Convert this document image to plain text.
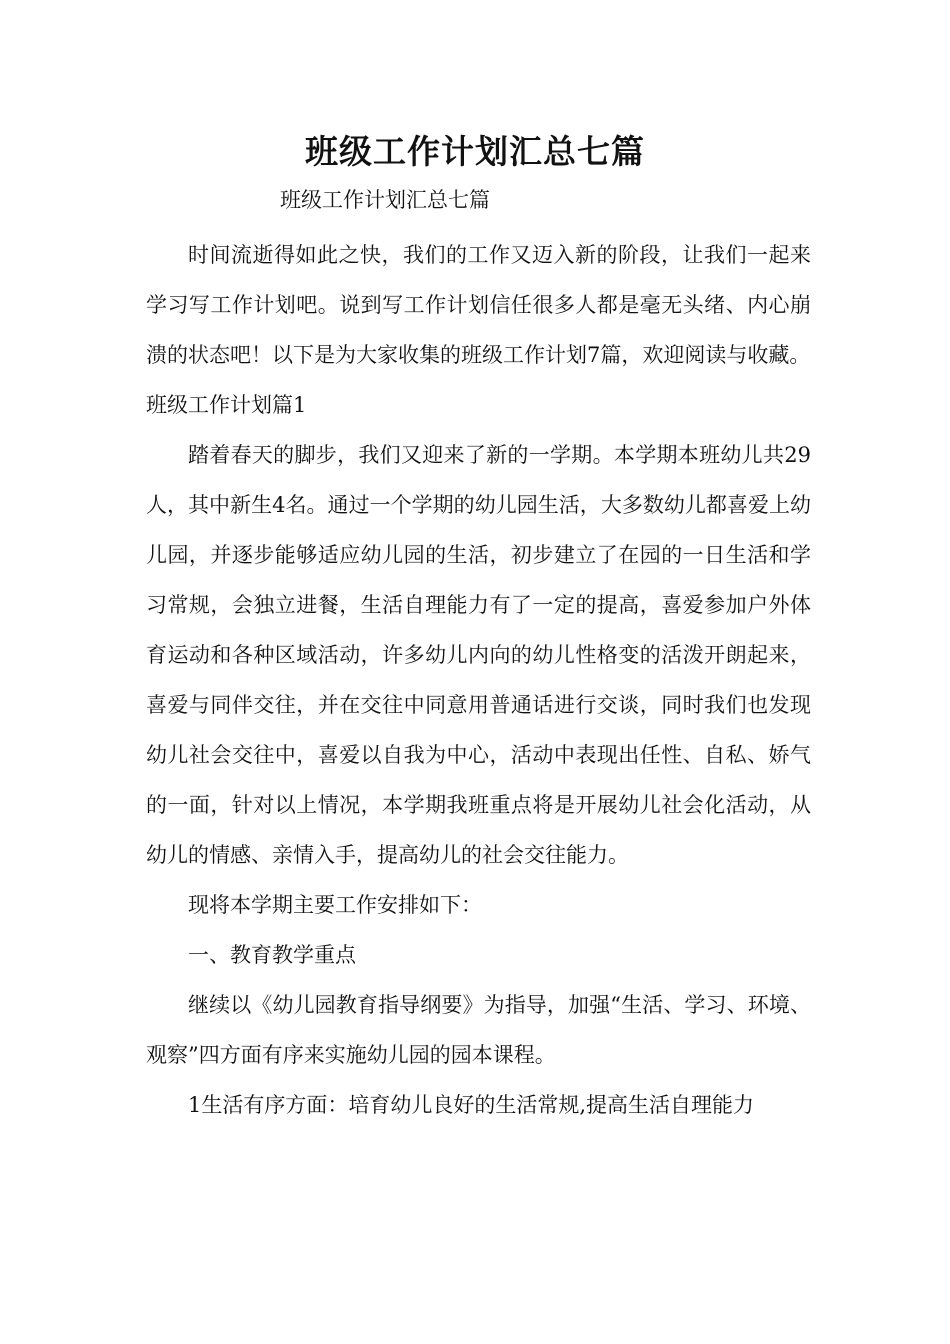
班级工作计划汇总七篇
班级工作计划汇总七篇

时间流逝得如此之快，我们的工作又迈入新的阶段，让我们一起来学习写工作计划吧。说到写工作计划信任很多人都是毫无头绪、内心崩溃的状态吧！以下是为大家收集的班级工作计划7篇，欢迎阅读与收藏。

班级工作计划篇1

踏着春天的脚步，我们又迎来了新的一学期。本学期本班幼儿共29人，其中新生4名。通过一个学期的幼儿园生活，大多数幼儿都喜爱上幼儿园，并逐步能够适应幼儿园的生活，初步建立了在园的一日生活和学习常规，会独立进餐，生活自理能力有了一定的提高，喜爱参加户外体育运动和各种区域活动，许多幼儿内向的幼儿性格变的活泼开朗起来，喜爱与同伴交往，并在交往中同意用普通话进行交谈，同时我们也发现幼儿社会交往中，喜爱以自我为中心，活动中表现出任性、自私、娇气的一面，针对以上情况，本学期我班重点将是开展幼儿社会化活动，从幼儿的情感、亲情入手，提高幼儿的社会交往能力。

现将本学期主要工作安排如下：

一、教育教学重点

继续以《幼儿园教育指导纲要》为指导，加强“生活、学习、环境、观察”四方面有序来实施幼儿园的园本课程。

1生活有序方面：培育幼儿良好的生活常规,提高生活自理能力
